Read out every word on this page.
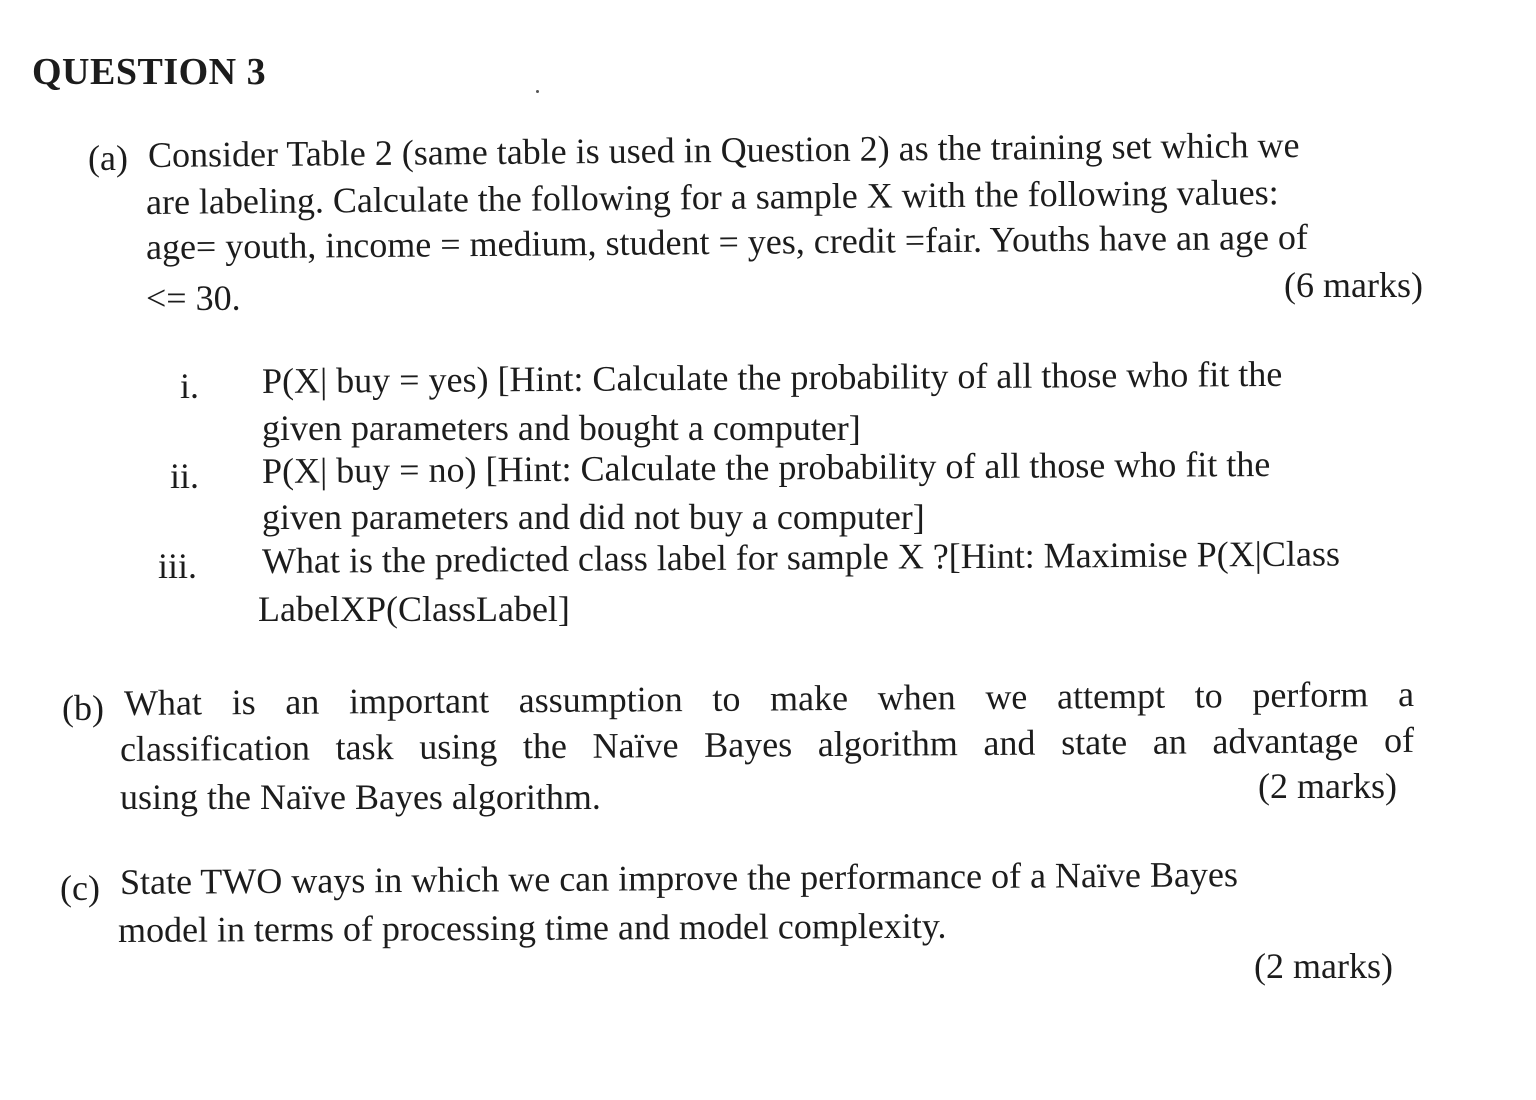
QUESTION 3
(a) Consider Table 2 (same table is used in Question 2) as the training set which we
are labeling. Calculate the following for a sample X with the following values:
age= youth, income = medium, student = yes, credit =fair. Youths have an age of
<= 30.	(6 marks)
i. P(X| buy = yes) [Hint: Calculate the probability of all those who fit the
given parameters and bought a computer]
ii. P(X| buy = no) [Hint: Calculate the probability of all those who fit the
given parameters and did not buy a computer]
iii. What is the predicted class label for sample X ?[Hint: Maximise P(X|Class
LabelXP(ClassLabel]
(b) What is an important assumption to make when we attempt to perform a
classification task using the Naïve Bayes algorithm and state an advantage of
using the Naïve Bayes algorithm.	(2 marks)
(c) State TWO ways in which we can improve the performance of a Naïve Bayes
model in terms of processing time and model complexity.
(2 marks)
